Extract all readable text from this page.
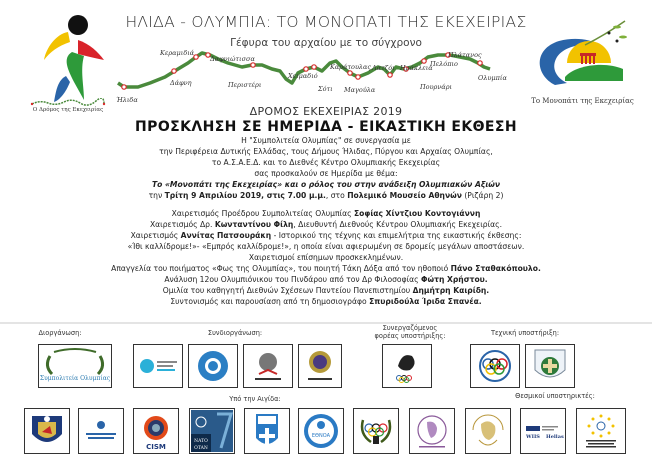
Ο Δρόμος της Εκεχειρίας
ΗΛΙΔΑ - ΟΛΥΜΠΙΑ: ΤΟ ΜΟΝΟΠΑΤΙ ΤΗΣ ΕΚΕΧΕΙΡΙΑΣ
Γέφυρα του αρχαίου με το σύγχρονο
Ήλιδα
Δάφνη
Κεραμιδιά
Δαφνιώτισσα
Περιστέρι
Χειμαδιό
Σότι
Καράτουλας
Μαγούλα
Λατζόι Ηράκλεια
Πουρνάρι
Πελόπιο
Πλάτανος
Ολυμπία
Το Μονοπάτι της Εκεχειρίας
ΔΡΟΜΟΣ ΕΚΕΧΕΙΡΙΑΣ 2019
ΠΡΟΣΚΛΗΣΗ ΣΕ ΗΜΕΡΙΔΑ - ΕΙΚΑΣΤΙΚΗ ΕΚΘΕΣΗ
Η "Συμπολιτεία Ολυμπίας" σε συνεργασία με
την Περιφέρεια Δυτικής Ελλάδας, τους Δήμους Ήλιδας, Πύργου και Αρχαίας Ολυμπίας,
το Α.Σ.Α.Ε.Δ. και το Διεθνές Κέντρο Ολυμπιακής Εκεχειρίας
σας προσκαλούν σε Ημερίδα με θέμα:
Το «Μονοπάτι της Εκεχειρίας» και ο ρόλος του στην ανάδειξη Ολυμπιακών Αξιών
την Τρίτη 9 Απριλίου 2019, στις 7.00 μ.μ., στο Πολεμικό Μουσείο Αθηνών (Ριζάρη 2)
Χαιρετισμός Προέδρου Συμπολιτείας Ολυμπίας Σοφίας Χίντζιου Κοντογιάννη
Χαιρετισμός Δρ. Κωνταντίνου Φίλη, Διευθυντή Διεθνούς Κέντρου Ολυμπιακής Εκεχειρίας.
Χαιρετισμός Αννίτας Πατσουράκη - Ιστορικού της τέχνης και επιμελήτρια της εικαστικής έκθεσης:
«Ίθι καλλίδρομε!»- «Εμπρός καλλίδρομε!», η οποία είναι αφιερωμένη σε δρομείς μεγάλων αποστάσεων.
Χαιρετισμοί επίσημων προσκεκλημένων.
Απαγγελία του ποιήματος «Φως της Ολυμπίας», του ποιητή Τάκη Δόξα από τον ηθοποιό Πάνο Σταθακόπουλο.
Ανάλυση 12ου Ολυμπιόνικου του Πινδάρου από τον Δρ Φιλοσοφίας Φώτη Χρήστου.
Ομιλία του καθηγητή Διεθνών Σχέσεων Παντείου Πανεπιστημίου Δημήτρη Καιρίδη.
Συντονισμός και παρουσίαση από τη δημοσιογράφο Σπυριδούλα Ίριδα Σπανέα.
Διοργάνωση:	Συνδιοργάνωση:
Συνεργαζόμενος
φορέας υποστήριξης:	Τεχνική υποστήριξη:
Συμπολιτεία Ολυμπίας
Υπό την Αιγίδα:	Θεσμικοί υποστηρικτές:
CISM
NATO
OTAN
ΕΘΝΟΑ	WIIS Hellas
